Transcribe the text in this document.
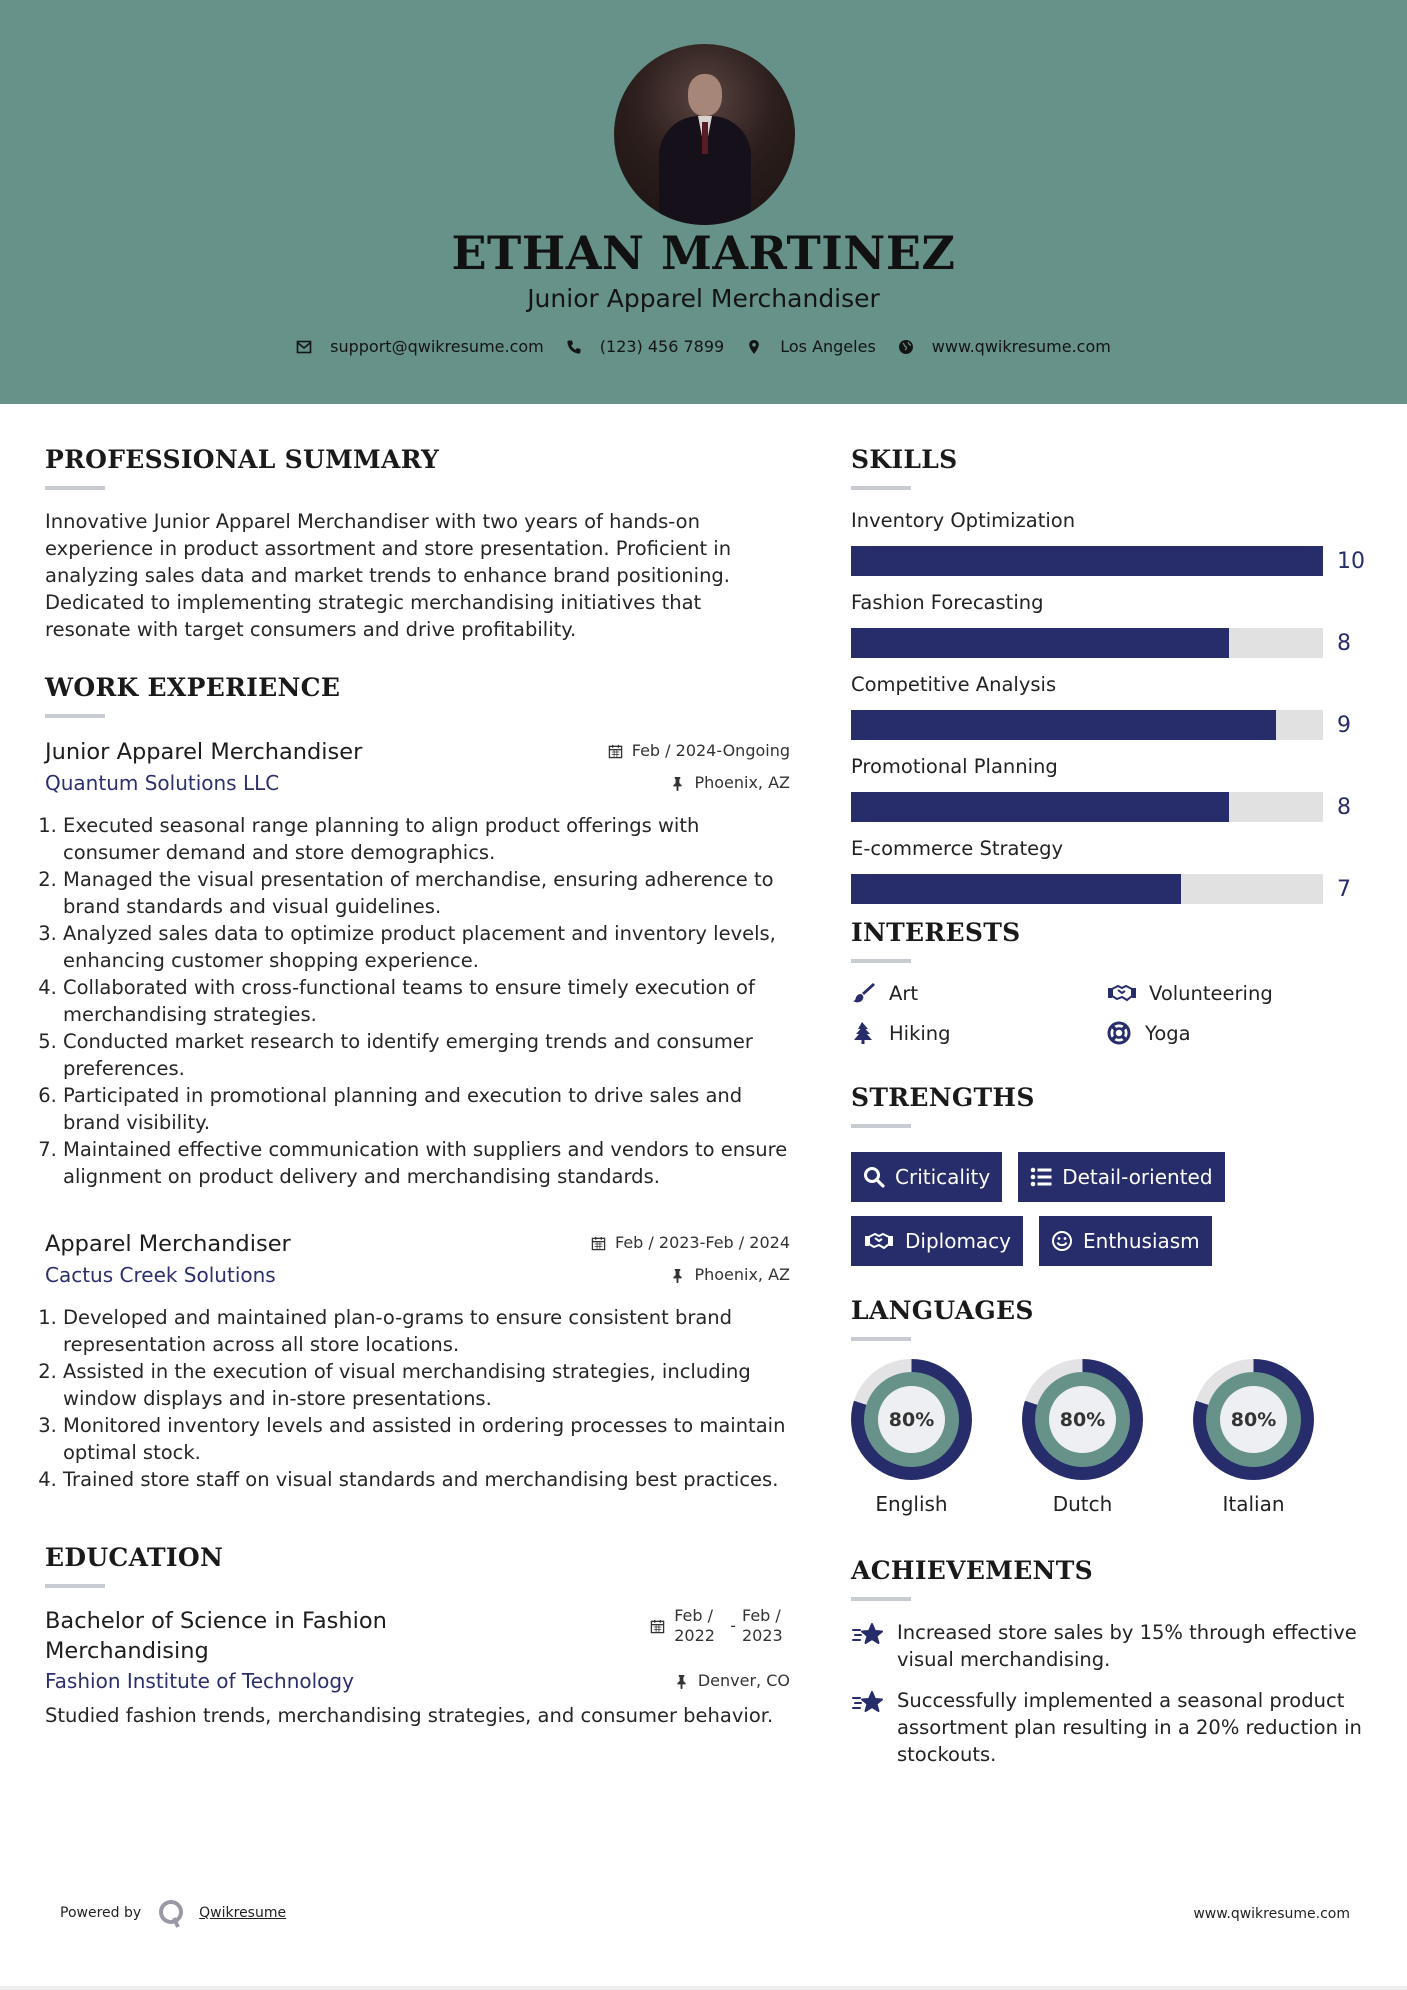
ETHAN MARTINEZ
Junior Apparel Merchandiser
support@qwikresume.com	(123) 456 7899	Los Angeles	www.qwikresume.com
PROFESSIONAL SUMMARY

Innovative Junior Apparel Merchandiser with two years of hands-on experience in product assortment and store presentation. Proficient in analyzing sales data and market trends to enhance brand positioning. Dedicated to implementing strategic merchandising initiatives that resonate with target consumers and drive profitability.

WORK EXPERIENCE
Junior Apparel Merchandiser	Feb / 2024-Ongoing
Quantum Solutions LLC	Phoenix, AZ
1. Executed seasonal range planning to align product offerings with consumer demand and store demographics.
2. Managed the visual presentation of merchandise, ensuring adherence to brand standards and visual guidelines.
3. Analyzed sales data to optimize product placement and inventory levels, enhancing customer shopping experience.
4. Collaborated with cross-functional teams to ensure timely execution of merchandising strategies.
5. Conducted market research to identify emerging trends and consumer preferences.
6. Participated in promotional planning and execution to drive sales and brand visibility.
7. Maintained effective communication with suppliers and vendors to ensure alignment on product delivery and merchandising standards.
Apparel Merchandiser	Feb / 2023-Feb / 2024
Cactus Creek Solutions	Phoenix, AZ
1. Developed and maintained plan-o-grams to ensure consistent brand representation across all store locations.
2. Assisted in the execution of visual merchandising strategies, including window displays and in-store presentations.
3. Monitored inventory levels and assisted in ordering processes to maintain optimal stock.
4. Trained store staff on visual standards and merchandising best practices.
EDUCATION
Bachelor of Science in Fashion Merchandising
Feb / 2022
-
Feb / 2023
Fashion Institute of Technology	Denver, CO

Studied fashion trends, merchandising strategies, and consumer behavior.

SKILLS
Inventory Optimization
10
Fashion Forecasting
8
Competitive Analysis
9
Promotional Planning
8
E-commerce Strategy
7
INTERESTS
Art	Volunteering
Hiking	Yoga
STRENGTHS
Criticality	Detail-oriented
Diplomacy	Enthusiasm
LANGUAGES
80%
English
80%
Dutch
80%
Italian
ACHIEVEMENTS
Increased store sales by 15% through effective visual merchandising.
Successfully implemented a seasonal product assortment plan resulting in a 20% reduction in stockouts.
Powered by	Qwikresume	www.qwikresume.com
